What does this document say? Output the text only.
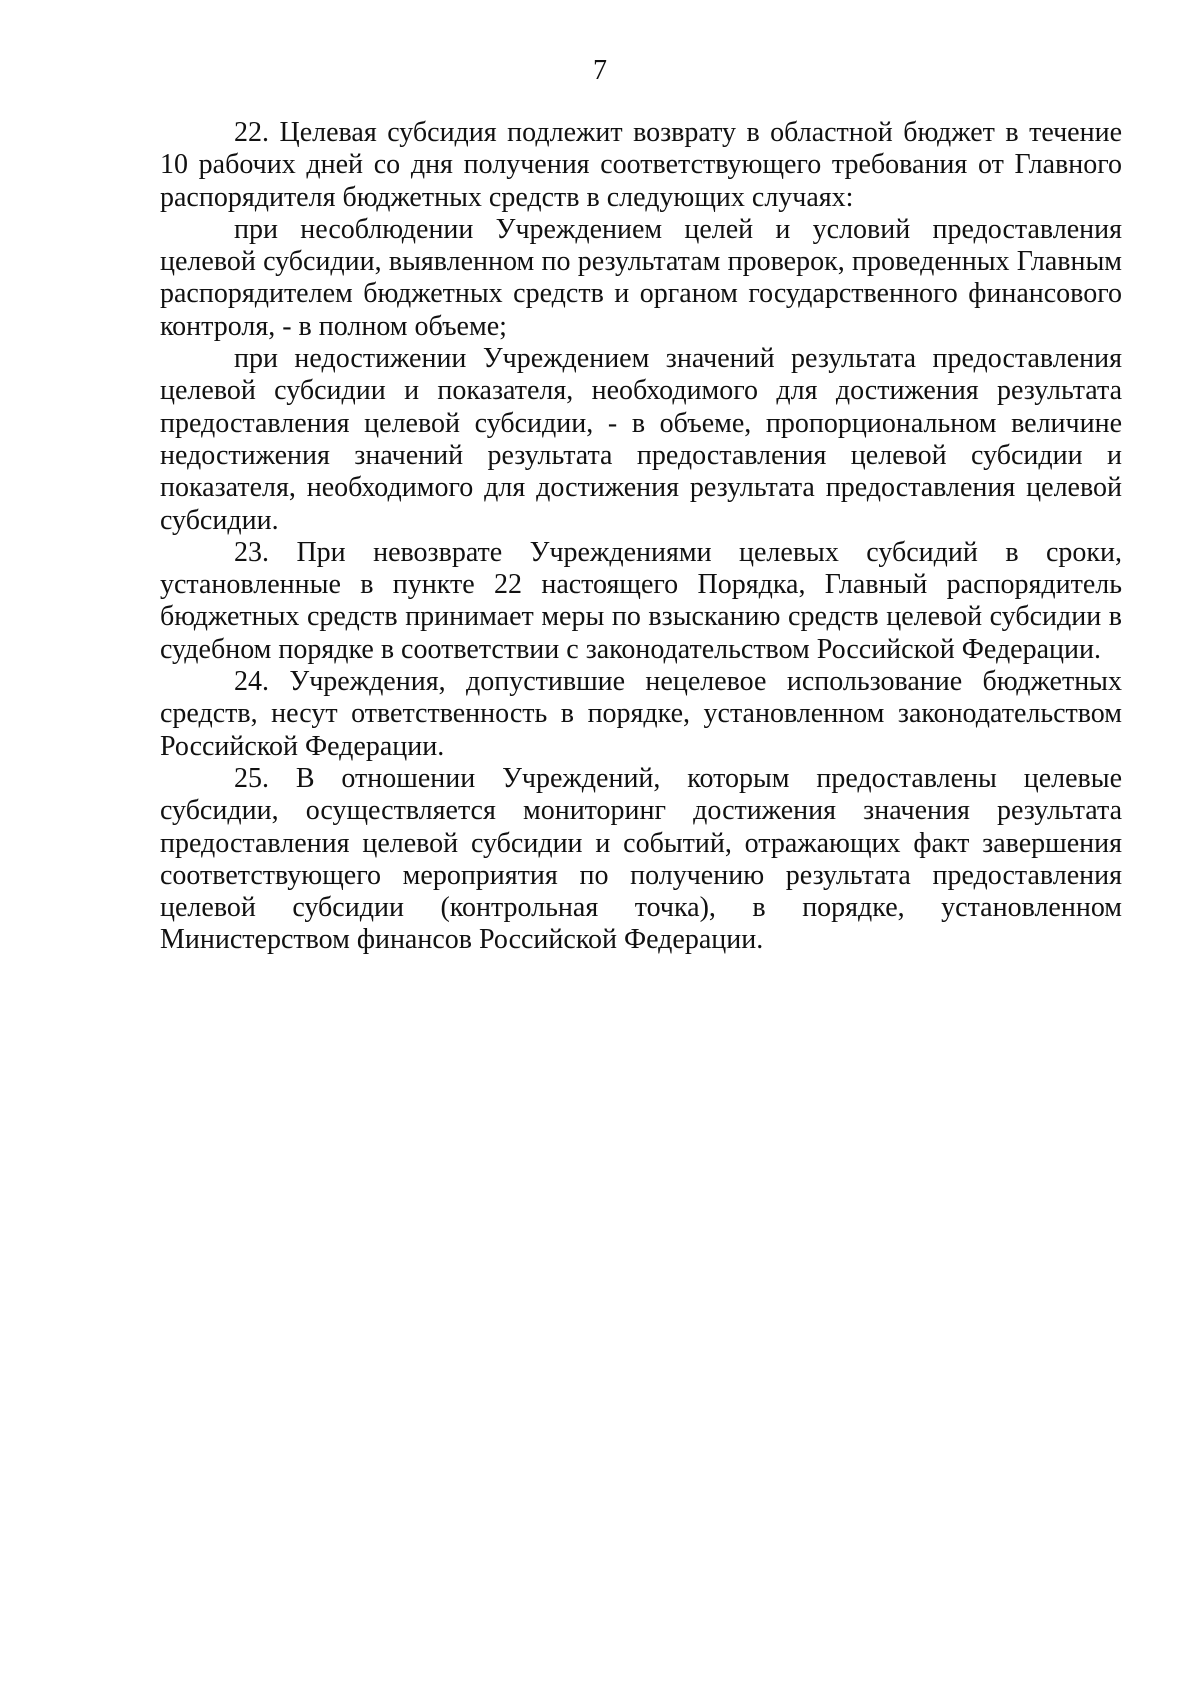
7

22. Целевая субсидия подлежит возврату в областной бюджет в течение 10 рабочих дней со дня получения соответствующего требования от Главного распорядителя бюджетных средств в следующих случаях:

при несоблюдении Учреждением целей и условий предоставления целевой субсидии, выявленном по результатам проверок, проведенных Главным распорядителем бюджетных средств и органом государственного финансового контроля, - в полном объеме;

при недостижении Учреждением значений результата предоставления целевой субсидии и показателя, необходимого для достижения результата предоставления целевой субсидии, - в объеме, пропорциональном величине недостижения значений результата предоставления целевой субсидии и показателя, необходимого для достижения результата предоставления целевой субсидии.

23. При невозврате Учреждениями целевых субсидий в сроки, установленные в пункте 22 настоящего Порядка, Главный распорядитель бюджетных средств принимает меры по взысканию средств целевой субсидии в судебном порядке в соответствии с законодательством Российской Федерации.

24. Учреждения, допустившие нецелевое использование бюджетных средств, несут ответственность в порядке, установленном законодательством Российской Федерации.

25. В отношении Учреждений, которым предоставлены целевые субсидии, осуществляется мониторинг достижения значения результата предоставления целевой субсидии и событий, отражающих факт завершения соответствующего мероприятия по получению результата предоставления целевой субсидии (контрольная точка), в порядке, установленном Министерством финансов Российской Федерации.
